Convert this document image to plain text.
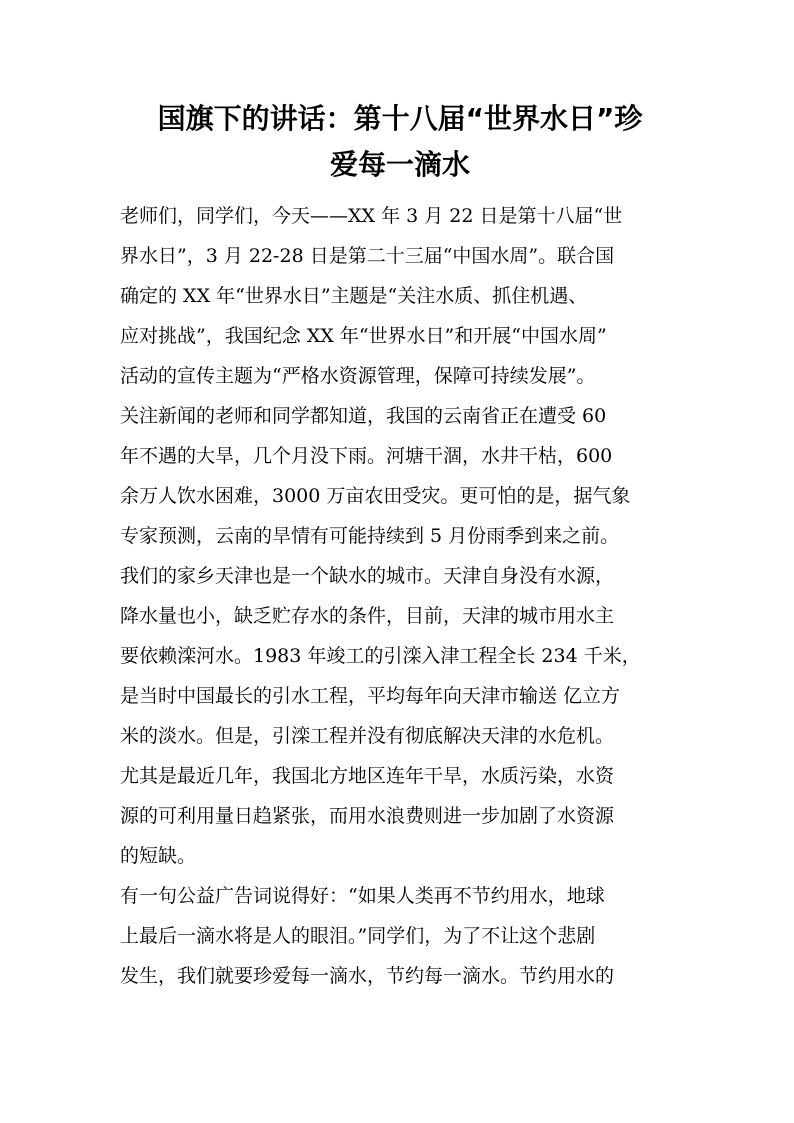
国旗下的讲话：第十八届“世界水日”珍
爱每一滴水

老师们，同学们，今天——XX 年 3 月 22 日是第十八届“世
界水日”，3 月 22-28 日是第二十三届“中国水周”。联合国
确定的 XX 年“世界水日”主题是“关注水质、抓住机遇、
应对挑战”，我国纪念 XX 年“世界水日”和开展“中国水周”
活动的宣传主题为“严格水资源管理，保障可持续发展”。

关注新闻的老师和同学都知道，我国的云南省正在遭受 60
年不遇的大旱，几个月没下雨。河塘干涸，水井干枯，600
余万人饮水困难，3000 万亩农田受灾。更可怕的是，据气象
专家预测，云南的旱情有可能持续到 5 月份雨季到来之前。

我们的家乡天津也是一个缺水的城市。天津自身没有水源，
降水量也小，缺乏贮存水的条件，目前，天津的城市用水主
要依赖滦河水。1983 年竣工的引滦入津工程全长 234 千米，
是当时中国最长的引水工程，平均每年向天津市输送 亿立方
米的淡水。但是，引滦工程并没有彻底解决天津的水危机。
尤其是最近几年，我国北方地区连年干旱，水质污染，水资
源的可利用量日趋紧张，而用水浪费则进一步加剧了水资源
的短缺。

有一句公益广告词说得好：“如果人类再不节约用水，地球
上最后一滴水将是人的眼泪。”同学们，为了不让这个悲剧
发生，我们就要珍爱每一滴水，节约每一滴水。节约用水的
